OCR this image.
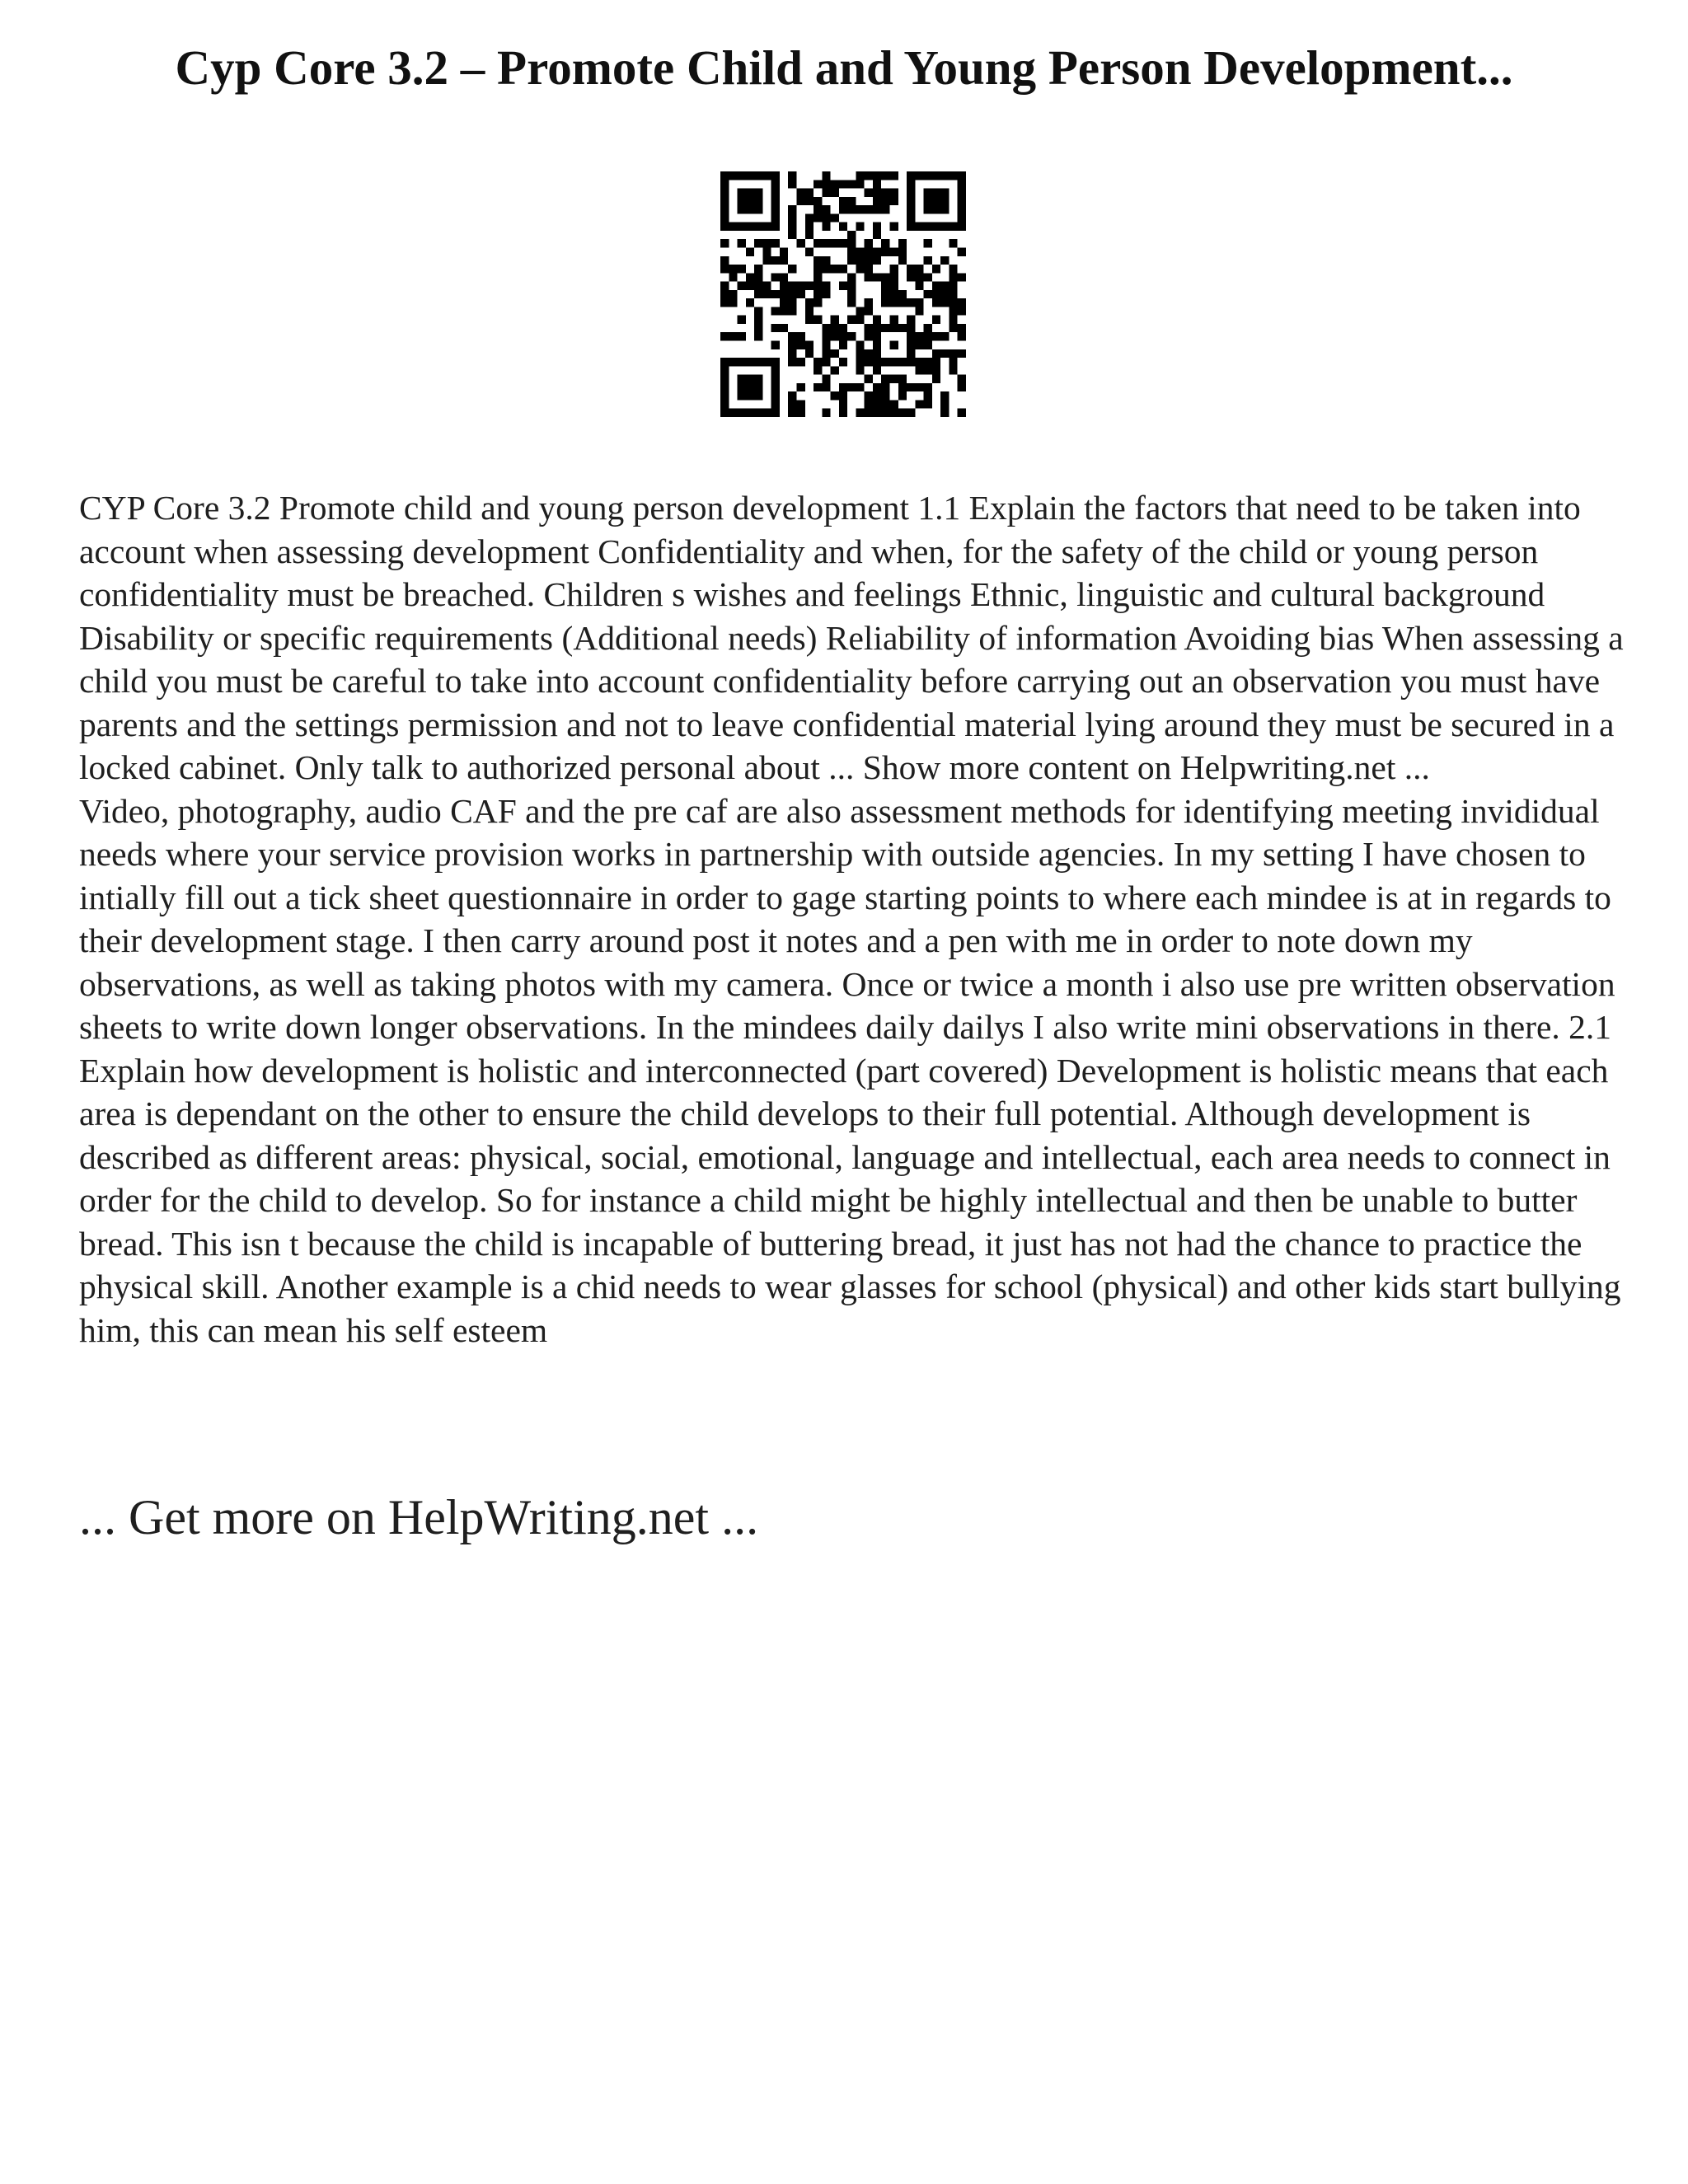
Cyp Core 3.2 – Promote Child and Young Person Development...

CYP Core 3.2 Promote child and young person development 1.1 Explain the factors that need to be taken into account when assessing development Confidentiality and when, for the safety of the child or young person confidentiality must be breached. Children s wishes and feelings Ethnic, linguistic and cultural background Disability or specific requirements (Additional needs) Reliability of information Avoiding bias When assessing a child you must be careful to take into account confidentiality before carrying out an observation you must have parents and the settings permission and not to leave confidential material lying around they must be secured in a locked cabinet. Only talk to authorized personal about ... Show more content on Helpwriting.net ...

Video, photography, audio CAF and the pre caf are also assessment methods for identifying meeting invididual needs where your service provision works in partnership with outside agencies. In my setting I have chosen to intially fill out a tick sheet questionnaire in order to gage starting points to where each mindee is at in regards to their development stage. I then carry around post it notes and a pen with me in order to note down my observations, as well as taking photos with my camera. Once or twice a month i also use pre written observation sheets to write down longer observations. In the mindees daily dailys I also write mini observations in there. 2.1 Explain how development is holistic and interconnected (part covered) Development is holistic means that each area is dependant on the other to ensure the child develops to their full potential. Although development is described as different areas: physical, social, emotional, language and intellectual, each area needs to connect in order for the child to develop. So for instance a child might be highly intellectual and then be unable to butter bread. This isn t because the child is incapable of buttering bread, it just has not had the chance to practice the physical skill. Another example is a chid needs to wear glasses for school (physical) and other kids start bullying him, this can mean his self esteem

... Get more on HelpWriting.net ...
